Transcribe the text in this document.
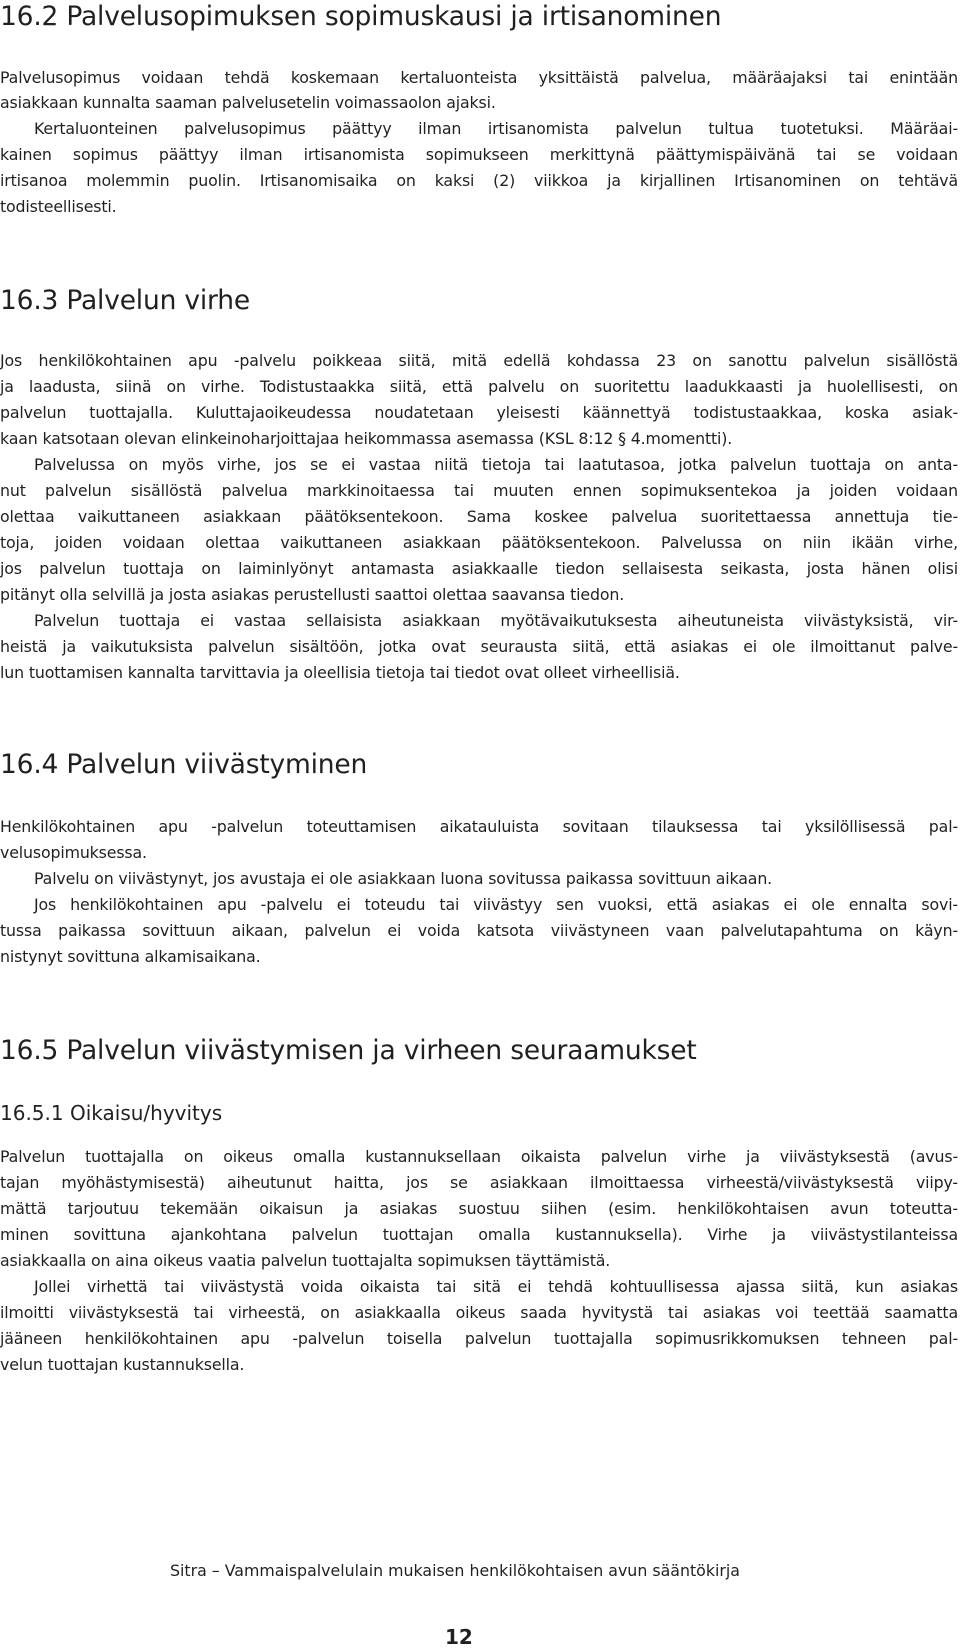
16.2 Palvelusopimuksen sopimuskausi ja irtisanominen
Palvelusopimus voidaan tehdä koskemaan kertaluonteista yksittäistä palvelua, määräajaksi tai enintään
asiakkaan kunnalta saaman palvelusetelin voimassaolon ajaksi.
Kertaluonteinen palvelusopimus päättyy ilman irtisanomista palvelun tultua tuotetuksi. Määräai-
kainen sopimus päättyy ilman irtisanomista sopimukseen merkittynä päättymispäivänä tai se voidaan
irtisanoa molemmin puolin. Irtisanomisaika on kaksi (2) viikkoa ja kirjallinen Irtisanominen on tehtävä
todisteellisesti.
16.3 Palvelun virhe
Jos henkilökohtainen apu -palvelu poikkeaa siitä, mitä edellä kohdassa 23 on sanottu palvelun sisällöstä
ja laadusta, siinä on virhe. Todistustaakka siitä, että palvelu on suoritettu laadukkaasti ja huolellisesti, on
palvelun tuottajalla. Kuluttajaoikeudessa noudatetaan yleisesti käännettyä todistustaakkaa, koska asiak-
kaan katsotaan olevan elinkeinoharjoittajaa heikommassa asemassa (KSL 8:12 § 4.momentti).
Palvelussa on myös virhe, jos se ei vastaa niitä tietoja tai laatutasoa, jotka palvelun tuottaja on anta-
nut palvelun sisällöstä palvelua markkinoitaessa tai muuten ennen sopimuksentekoa ja joiden voidaan
olettaa vaikuttaneen asiakkaan päätöksentekoon. Sama koskee palvelua suoritettaessa annettuja tie-
toja, joiden voidaan olettaa vaikuttaneen asiakkaan päätöksentekoon. Palvelussa on niin ikään virhe,
jos palvelun tuottaja on laiminlyönyt antamasta asiakkaalle tiedon sellaisesta seikasta, josta hänen olisi
pitänyt olla selvillä ja josta asiakas perustellusti saattoi olettaa saavansa tiedon.
Palvelun tuottaja ei vastaa sellaisista asiakkaan myötävaikutuksesta aiheutuneista viivästyksistä, vir-
heistä ja vaikutuksista palvelun sisältöön, jotka ovat seurausta siitä, että asiakas ei ole ilmoittanut palve-
lun tuottamisen kannalta tarvittavia ja oleellisia tietoja tai tiedot ovat olleet virheellisiä.
16.4 Palvelun viivästyminen
Henkilökohtainen apu -palvelun toteuttamisen aikatauluista sovitaan tilauksessa tai yksilöllisessä pal-
velusopimuksessa.
Palvelu on viivästynyt, jos avustaja ei ole asiakkaan luona sovitussa paikassa sovittuun aikaan.
Jos henkilökohtainen apu -palvelu ei toteudu tai viivästyy sen vuoksi, että asiakas ei ole ennalta sovi-
tussa paikassa sovittuun aikaan, palvelun ei voida katsota viivästyneen vaan palvelutapahtuma on käyn-
nistynyt sovittuna alkamisaikana.
16.5 Palvelun viivästymisen ja virheen seuraamukset
16.5.1 Oikaisu/hyvitys
Palvelun tuottajalla on oikeus omalla kustannuksellaan oikaista palvelun virhe ja viivästyksestä (avus-
tajan myöhästymisestä) aiheutunut haitta, jos se asiakkaan ilmoittaessa virheestä/viivästyksestä viipy-
mättä tarjoutuu tekemään oikaisun ja asiakas suostuu siihen (esim. henkilökohtaisen avun toteutta-
minen sovittuna ajankohtana palvelun tuottajan omalla kustannuksella). Virhe ja viivästystilanteissa
asiakkaalla on aina oikeus vaatia palvelun tuottajalta sopimuksen täyttämistä.
Jollei virhettä tai viivästystä voida oikaista tai sitä ei tehdä kohtuullisessa ajassa siitä, kun asiakas
ilmoitti viivästyksestä tai virheestä, on asiakkaalla oikeus saada hyvitystä tai asiakas voi teettää saamatta
jääneen henkilökohtainen apu -palvelun toisella palvelun tuottajalla sopimusrikkomuksen tehneen pal-
velun tuottajan kustannuksella.
Sitra – Vammaispalvelulain mukaisen henkilökohtaisen avun sääntökirja
12
